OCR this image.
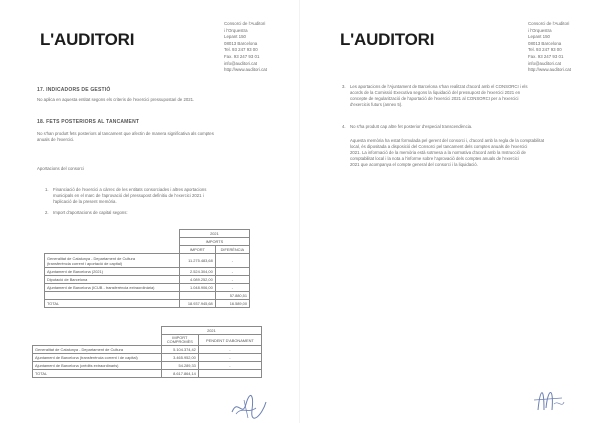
L'AUDITORI
Consorci de l'Auditori
i l'Orquestra
Lepant 150
08013 Barcelona
Tel. 93 247 93 00
Fax. 93 247 93 01
info@auditori.cat
http://www.auditori.cat
17. INDICADORS DE GESTIÓ
No aplica en aquesta entitat segons els criteris de l'exercici pressupostari de 2021.
18. FETS POSTERIORS AL TANCAMENT
No s'han produït fets posteriors al tancament que afectin de manera significativa als comptes
anuals de l'exercici.
Aportacions del consorci
1. Financiació de l'exercici a càrrec de les entitats consorciades i altres aportacions
municipals en el marc de l'aprovació del pressupost definitiu de l'exercici 2021 i
l'aplicació de la present memòria.
2. Import d'aportacions de capital segons:
	2021	
	IMPORTS	
	IMPORT	DIFERÈNCIA
Generalitat de Catalunya - Departament de Cultura
(transferència corrent i aportació de capital)	11.275.483,68	-
Ajuntament de Barcelona (2021)	2.524.304,00	-
Diputació de Barcelona	4.089.252,00	-
Ajuntament de Barcelona (ICUB - transferència extraordinària)	1.048.906,00	-
		57.880,51
TOTAL	18.937.945,68	16.589,00
	2021	
	IMPORT
COMPROMÈS	PENDENT D'ABONAMENT
Generalitat de Catalunya - Departament de Cultura	5.104.374,42	-
Ajuntament de Barcelona (transferència corrent i de capital)	3.465.952,00	-
Ajuntament de Barcelona (crèdits extraordinaris)	54.289,33	-
TOTAL	8.617.864,14	
L'AUDITORI
Consorci de l'Auditori
i l'Orquestra
Lepant 150
08013 Barcelona
Tel. 93 247 93 00
Fax. 93 247 93 01
info@auditori.cat
http://www.auditori.cat
3. Les aportacions de l'Ajuntament de Barcelona s'han realitzat d'acord amb el CONSORCI i els
acords de la Comissió Executiva segons la liquidació del pressupost de l'exercici 2021 en
concepte de regularització de l'aportació de l'exercici 2021 al CONSORCI per a l'exercici
d'exercicis futurs (annex 5).
4. No s'ha produït cap altre fet posterior d'especial transcendència.
Aquesta memòria ha estat formulada pel gerent del consorci i, d'acord amb la regla de la comptabilitat
local, és dipositada a disposició del Consorci pel tancament dels comptes anuals de l'exercici
2021. La informació de la memòria està sotmesa a la normativa d'acord amb la Instrucció de
comptabilitat local i la nota a l'informe sobre l'aprovació dels comptes anuals de l'exercici
2021 que acompanya el compte general del consorci i la liquidació.
